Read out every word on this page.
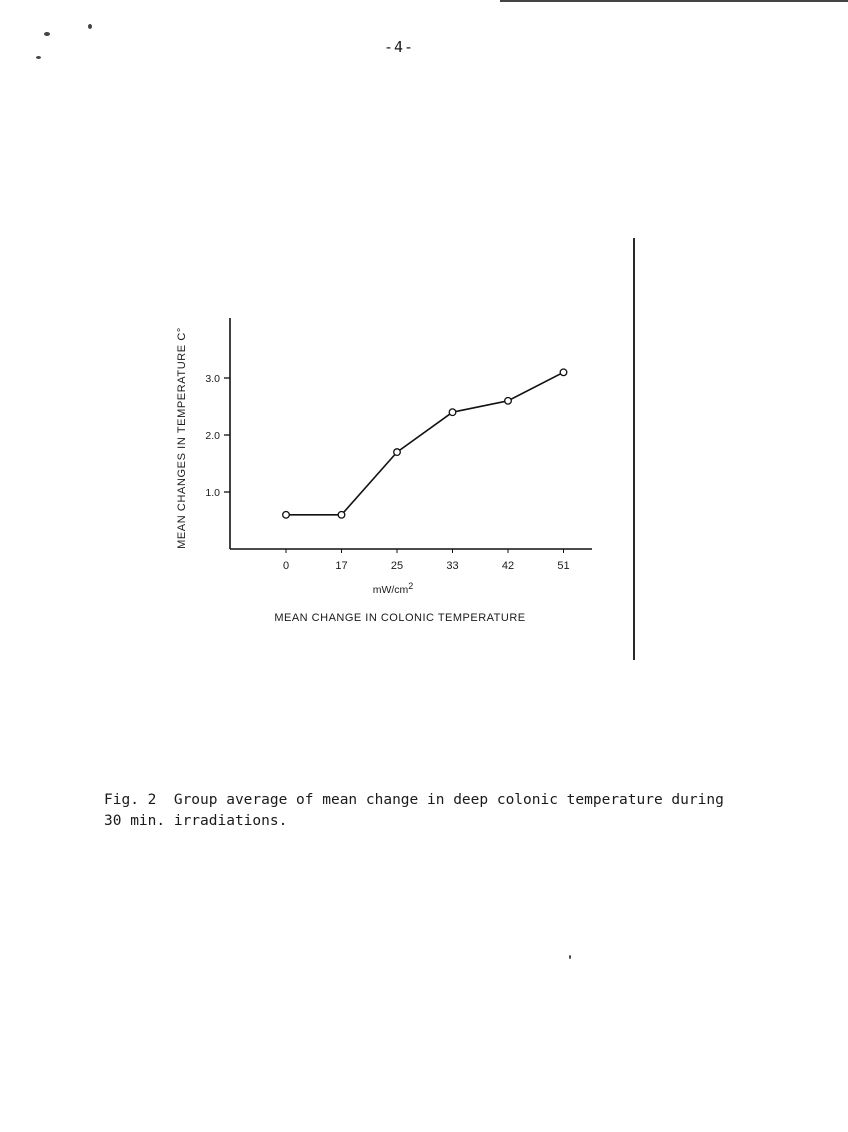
-4-
1.0
2.0
3.0
0	17	25	33	42	51
MEAN CHANGES IN TEMPERATURE C°
mW/cm2
MEAN CHANGE IN COLONIC TEMPERATURE
Fig. 2  Group average of mean change in deep colonic temperature during
30 min. irradiations.
